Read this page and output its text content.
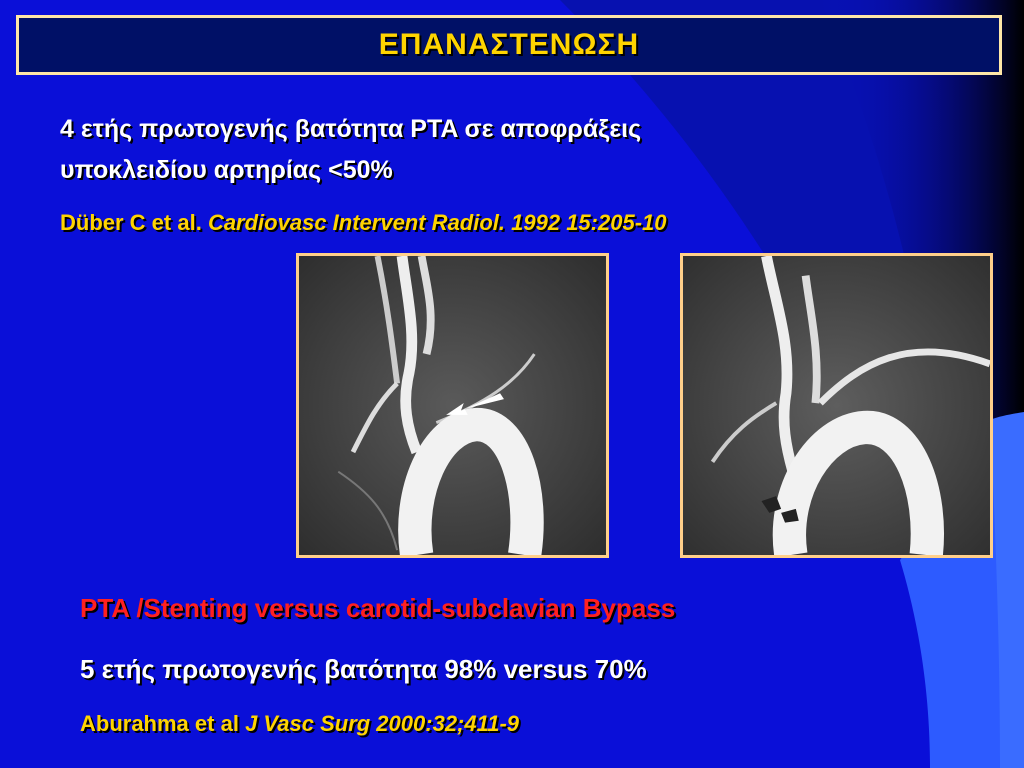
ΕΠΑΝΑΣΤΕΝΩΣΗ
4 ετής πρωτογενής βατότητα PTA σε αποφράξεις
υποκλειδίου αρτηρίας <50%
Düber C et al. Cardiovasc Intervent Radiol. 1992 15:205-10
PTA /Stenting versus carotid-subclavian Bypass
5 ετής πρωτογενής βατότητα 98% versus 70%
Aburahma et al J Vasc Surg 2000:32;411-9
